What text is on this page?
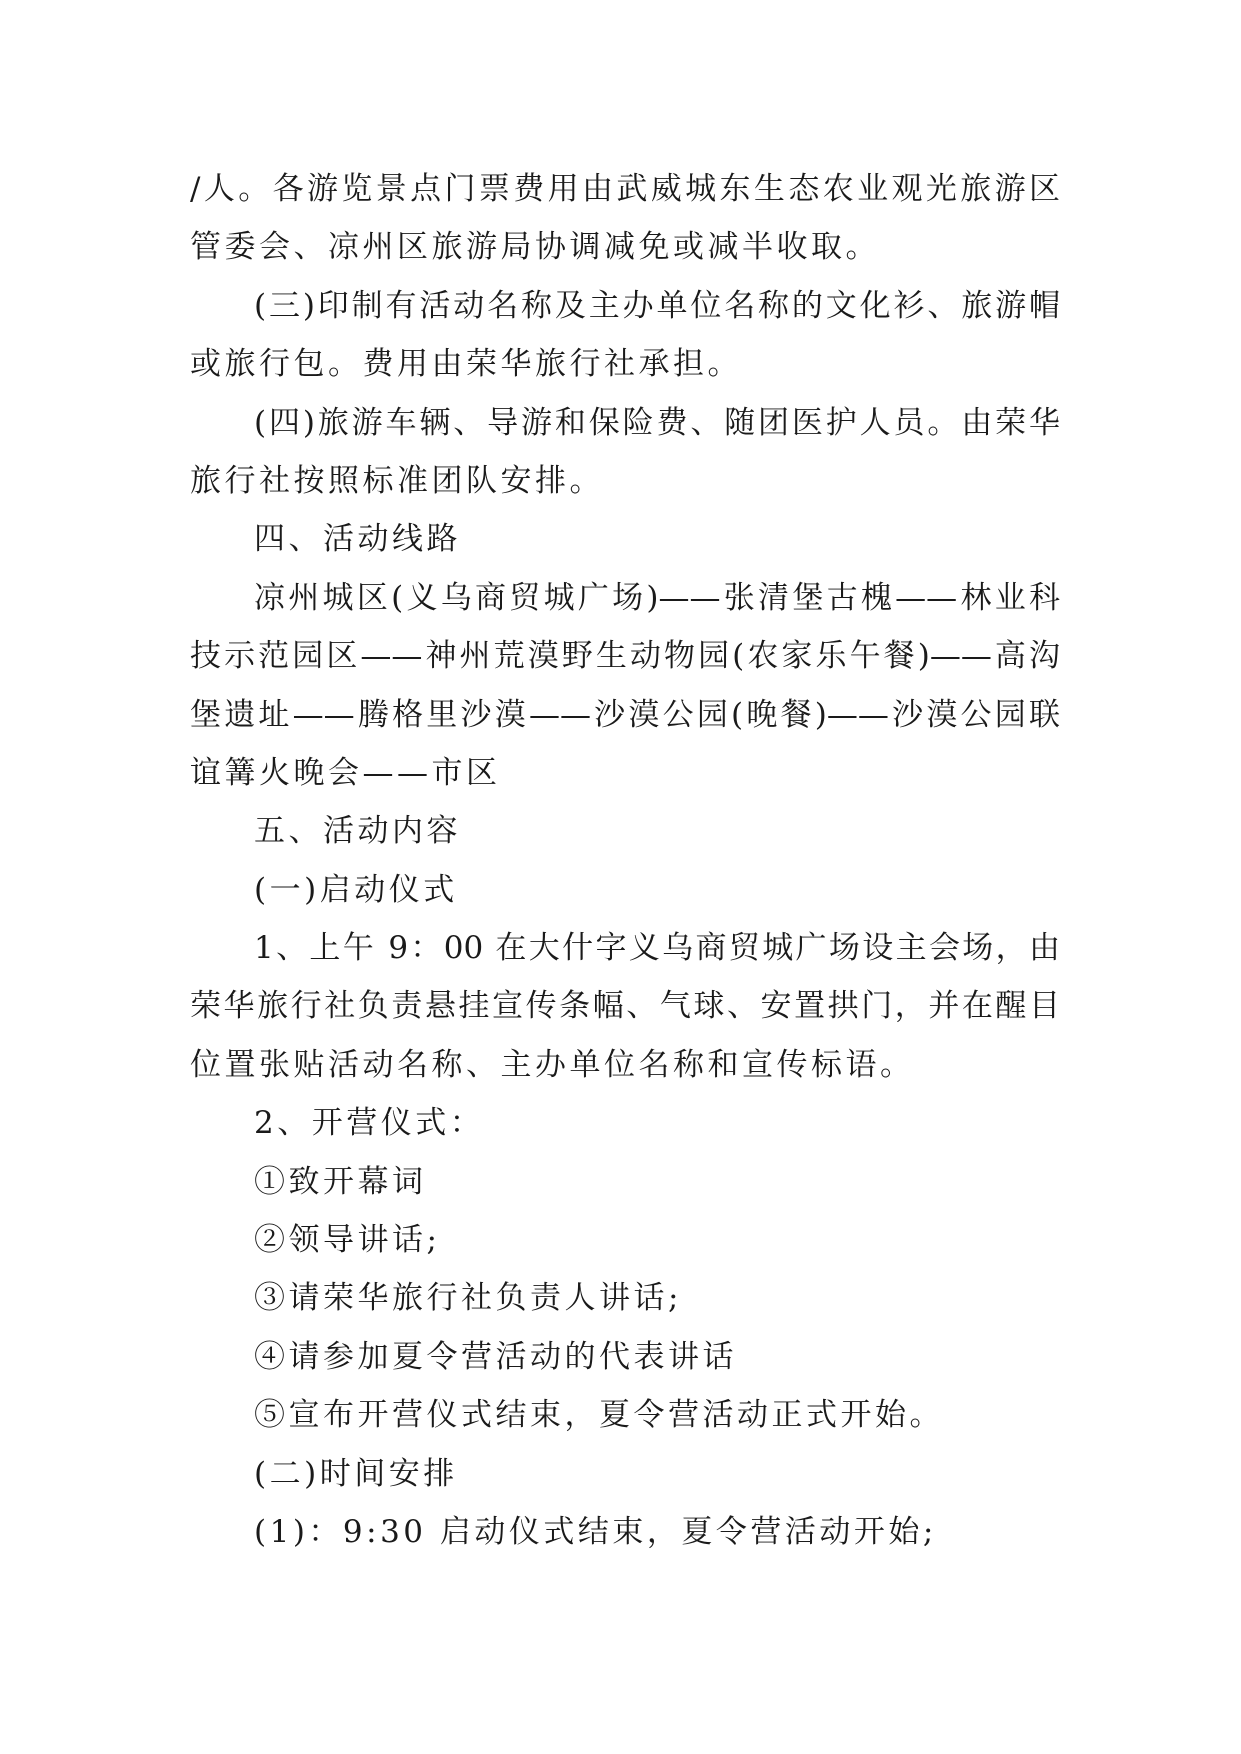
/人。各游览景点门票费用由武威城东生态农业观光旅游区
管委会、凉州区旅游局协调减免或减半收取。
(三)印制有活动名称及主办单位名称的文化衫、旅游帽
或旅行包。费用由荣华旅行社承担。
(四)旅游车辆、导游和保险费、随团医护人员。由荣华
旅行社按照标准团队安排。
四、活动线路
凉州城区(义乌商贸城广场)——张清堡古槐——林业科
技示范园区——神州荒漠野生动物园(农家乐午餐)——高沟
堡遗址——腾格里沙漠——沙漠公园(晚餐)——沙漠公园联
谊篝火晚会——市区
五、活动内容
(一)启动仪式
1、上午 9：00 在大什字义乌商贸城广场设主会场，由
荣华旅行社负责悬挂宣传条幅、气球、安置拱门，并在醒目
位置张贴活动名称、主办单位名称和宣传标语。
2、开营仪式：
①致开幕词
②领导讲话;
③请荣华旅行社负责人讲话;
④请参加夏令营活动的代表讲话
⑤宣布开营仪式结束，夏令营活动正式开始。
(二)时间安排
(1)：9:30 启动仪式结束，夏令营活动开始;
